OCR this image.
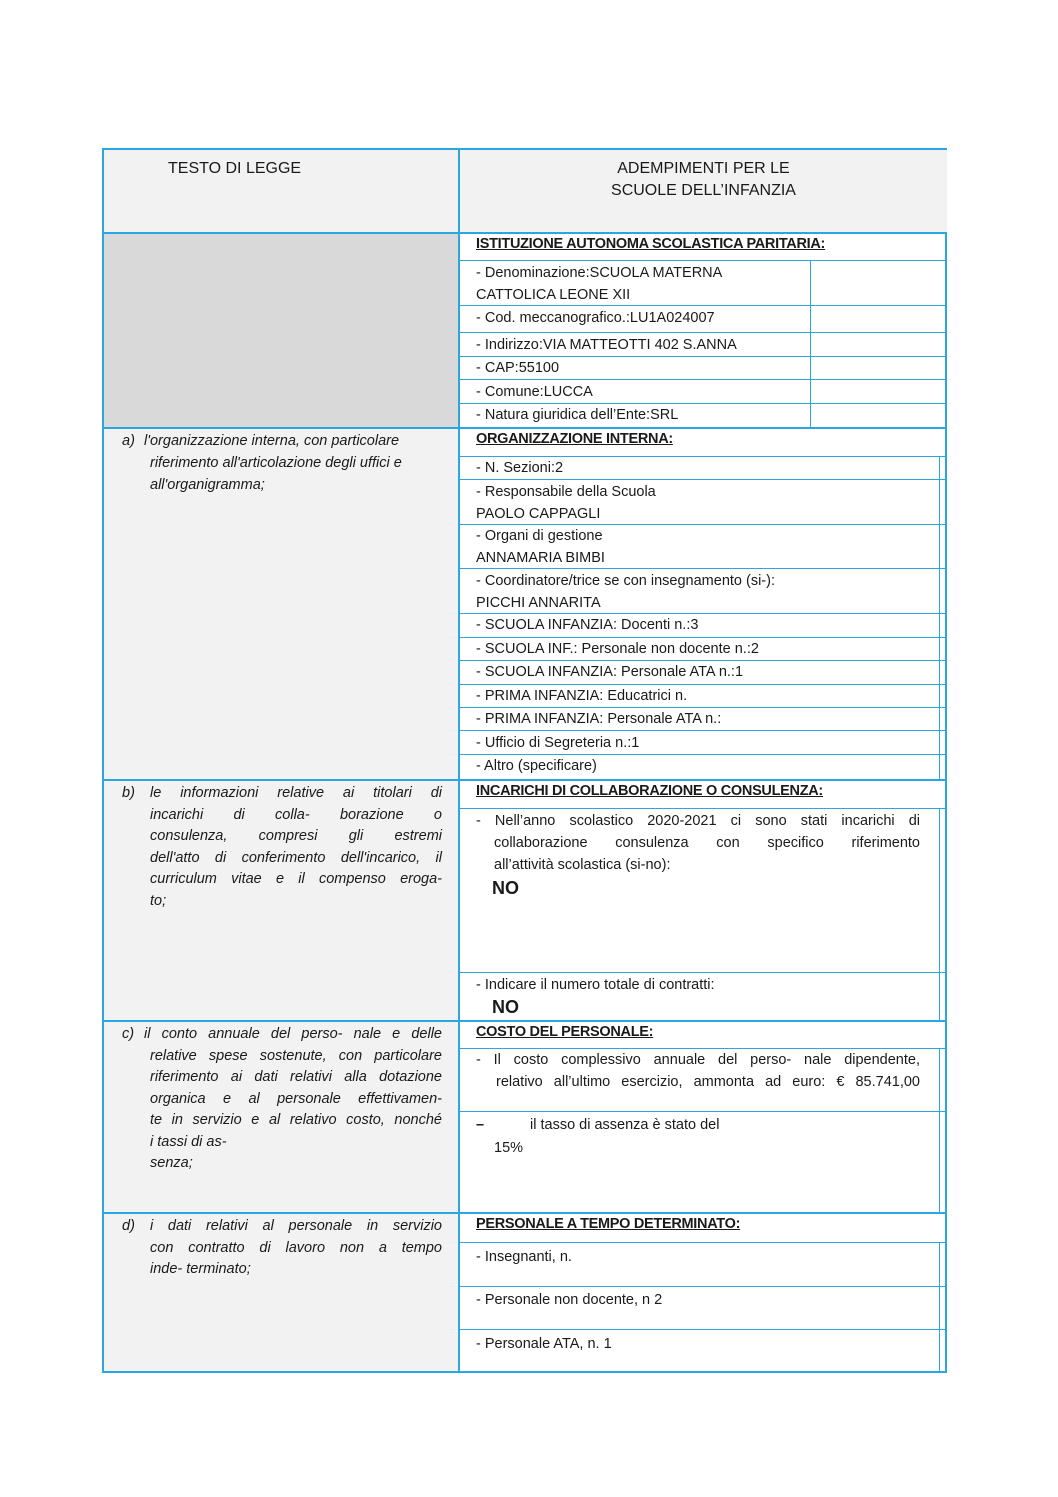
TESTO DI LEGGE	ADEMPIMENTI PER LE
SCUOLE DELL’INFANZIA
ISTITUZIONE AUTONOMA SCOLASTICA PARITARIA:
- Denominazione:SCUOLA MATERNA
CATTOLICA LEONE XII
- Cod. meccanografico.:LU1A024007
- Indirizzo:VIA MATTEOTTI 402 S.ANNA
- CAP:55100
- Comune:LUCCA
- Natura giuridica dell’Ente:SRL
a) l'organizzazione interna, con particolare
riferimento all'articolazione degli uffici e
all'organigramma;
ORGANIZZAZIONE INTERNA:
- N. Sezioni:2
- Responsabile della Scuola
PAOLO CAPPAGLI
- Organi di gestione
ANNAMARIA BIMBI
- Coordinatore/trice se con insegnamento (si-):
PICCHI ANNARITA
- SCUOLA INFANZIA: Docenti n.:3
- SCUOLA INF.: Personale non docente n.:2
- SCUOLA INFANZIA: Personale ATA n.:1
- PRIMA INFANZIA: Educatrici n.
- PRIMA INFANZIA: Personale ATA n.:
- Ufficio di Segreteria n.:1
- Altro (specificare)
b) le informazioni relative ai titolari di
incarichi di colla- borazione o
consulenza, compresi gli estremi
dell'atto di conferimento dell'incarico, il
curriculum vitae e il compenso eroga-
to;
INCARICHI DI COLLABORAZIONE O CONSULENZA:
- Nell’anno scolastico 2020-2021 ci sono stati incarichi di
collaborazione consulenza con specifico riferimento
all’attività scolastica (si-no):
NO
- Indicare il numero totale di contratti:
NO
c) il conto annuale del perso- nale e delle
relative spese sostenute, con particolare
riferimento ai dati relativi alla dotazione
organica e al personale effettivamen-
te in servizio e al relativo costo, nonché
i tassi di as-
senza;
COSTO DEL PERSONALE:
- Il costo complessivo annuale del perso- nale dipendente,
relativo all’ultimo esercizio, ammonta ad euro: € 85.741,00
–	il tasso di assenza è stato del
15%
d) i dati relativi al personale in servizio
con contratto di lavoro non a tempo
inde- terminato;
PERSONALE A TEMPO DETERMINATO:
- Insegnanti, n.
- Personale non docente, n 2
- Personale ATA, n. 1
